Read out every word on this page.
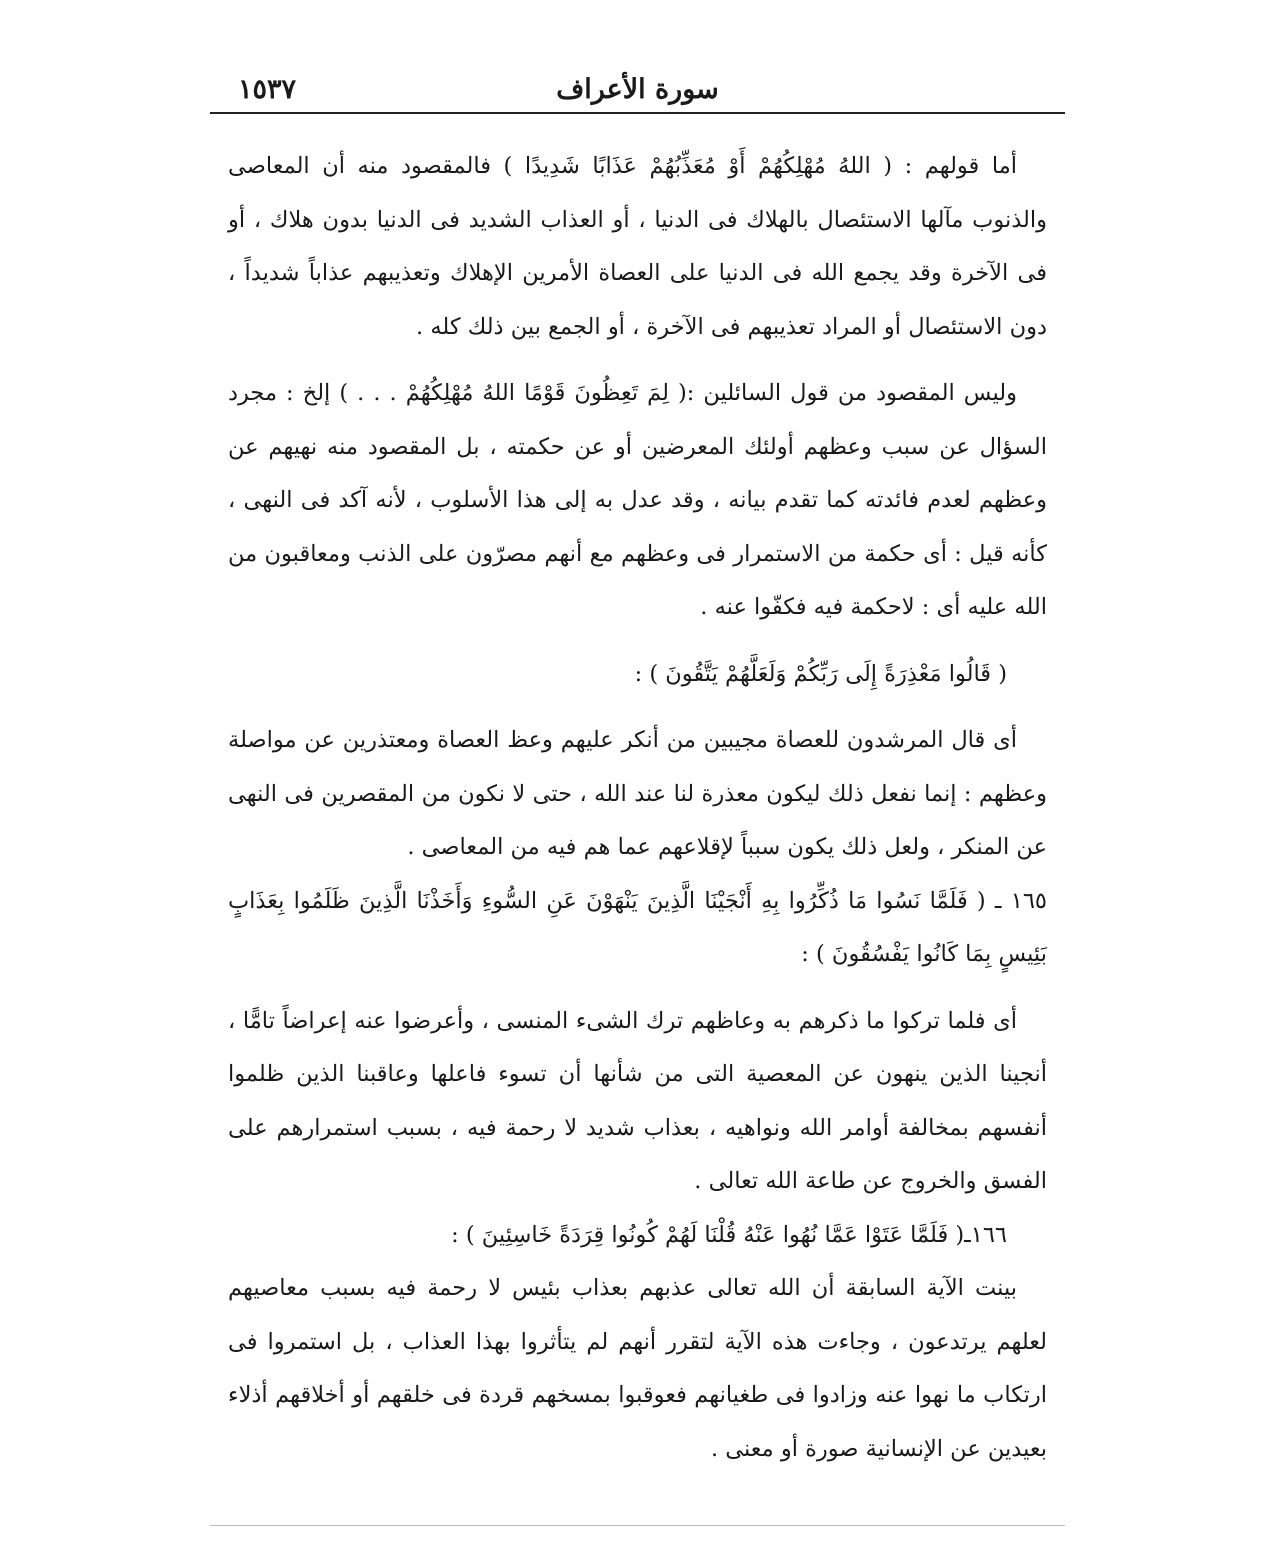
سورة الأعراف
١٥٣٧

أما قولهم : ( اللهُ مُهْلِكُهُمْ أَوْ مُعَذِّبُهُمْ عَذَابًا شَدِيدًا ) فالمقصود منه أن المعاصى والذنوب مآلها الاستئصال بالهلاك فى الدنيا ، أو العذاب الشديد فى الدنيا بدون هلاك ، أو فى الآخرة وقد يجمع الله فى الدنيا على العصاة الأمرين الإهلاك وتعذيبهم عذاباً شديداً ، دون الاستئصال أو المراد تعذيبهم فى الآخرة ، أو الجمع بين ذلك كله .

وليس المقصود من قول السائلين :( لِمَ تَعِظُونَ قَوْمًا اللهُ مُهْلِكُهُمْ . . . ) إلخ : مجرد السؤال عن سبب وعظهم أولئك المعرضين أو عن حكمته ، بل المقصود منه نهيهم عن وعظهم لعدم فائدته كما تقدم بيانه ، وقد عدل به إلى هذا الأسلوب ، لأنه آكد فى النهى ، كأنه قيل : أى حكمة من الاستمرار فى وعظهم مع أنهم مصرّون على الذنب ومعاقبون من الله عليه أى : لاحكمة فيه فكفّوا عنه .

( قَالُوا مَعْذِرَةً إِلَى رَبِّكُمْ وَلَعَلَّهُمْ يَتَّقُونَ ) :

أى قال المرشدون للعصاة مجيبين من أنكر عليهم وعظ العصاة ومعتذرين عن مواصلة وعظهم : إنما نفعل ذلك ليكون معذرة لنا عند الله ، حتى لا نكون من المقصرين فى النهى عن المنكر ، ولعل ذلك يكون سبباً لإقلاعهم عما هم فيه من المعاصى .

١٦٥ ـ ( فَلَمَّا نَسُوا مَا ذُكِّرُوا بِهِ أَنْجَيْنَا الَّذِينَ يَنْهَوْنَ عَنِ السُّوءِ وَأَخَذْنَا الَّذِينَ ظَلَمُوا بِعَذَابٍ بَئِيسٍ بِمَا كَانُوا يَفْسُقُونَ ) :

أى فلما تركوا ما ذكرهم به وعاظهم ترك الشىء المنسى ، وأعرضوا عنه إعراضاً تامًّا ، أنجينا الذين ينهون عن المعصية التى من شأنها أن تسوء فاعلها وعاقبنا الذين ظلموا أنفسهم بمخالفة أوامر الله ونواهيه ، بعذاب شديد لا رحمة فيه ، بسبب استمرارهم على الفسق والخروج عن طاعة الله تعالى .

١٦٦ـ( فَلَمَّا عَتَوْا عَمَّا نُهُوا عَنْهُ قُلْنَا لَهُمْ كُونُوا قِرَدَةً خَاسِئِينَ ) :

بينت الآية السابقة أن الله تعالى عذبهم بعذاب بئيس لا رحمة فيه بسبب معاصيهم لعلهم يرتدعون ، وجاءت هذه الآية لتقرر أنهم لم يتأثروا بهذا العذاب ، بل استمروا فى ارتكاب ما نهوا عنه وزادوا فى طغيانهم فعوقبوا بمسخهم قردة فى خلقهم أو أخلاقهم أذلاء بعيدين عن الإنسانية صورة أو معنى .
